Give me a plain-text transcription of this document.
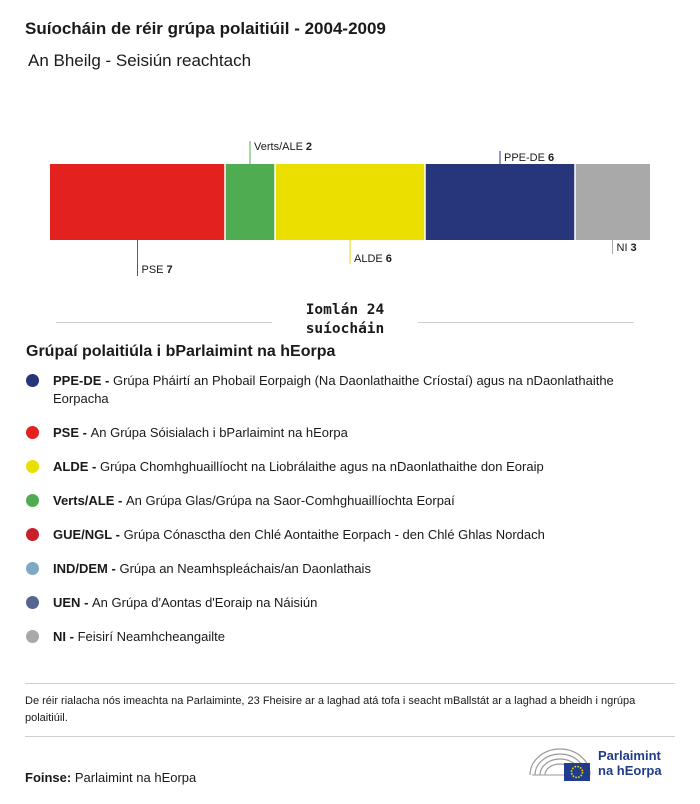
Suíocháin de réir grúpa polaitiúil - 2004-2009
An Bheilg - Seisiún reachtach
PSE 7
Verts/ALE 2
ALDE 6
PPE-DE 6
NI 3
Iomlán 24
suíocháin
Grúpaí polaitiúla i bParlaimint na hEorpa
PPE-DE - Grúpa Pháirtí an Phobail Eorpaigh (Na Daonlathaithe Críostaí) agus na nDaonlathaithe Eorpacha
PSE - An Grúpa Sóisialach i bParlaimint na hEorpa
ALDE - Grúpa Chomhghuaillíocht na Liobrálaithe agus na nDaonlathaithe don Eoraip
Verts/ALE - An Grúpa Glas/Grúpa na Saor-Comhghuaillíochta Eorpaí
GUE/NGL - Grúpa Cónasctha den Chlé Aontaithe Eorpach - den Chlé Ghlas Nordach
IND/DEM - Grúpa an Neamhspleáchais/an Daonlathais
UEN - An Grúpa d'Aontas d'Eoraip na Náisiún
NI - Feisirí Neamhcheangailte
De réir rialacha nós imeachta na Parlaiminte, 23 Fheisire ar a laghad atá tofa i seacht mBallstát ar a laghad a bheidh i ngrúpa polaitiúil.
Foinse: Parlaimint na hEorpa
Parlaimint
na hEorpa
